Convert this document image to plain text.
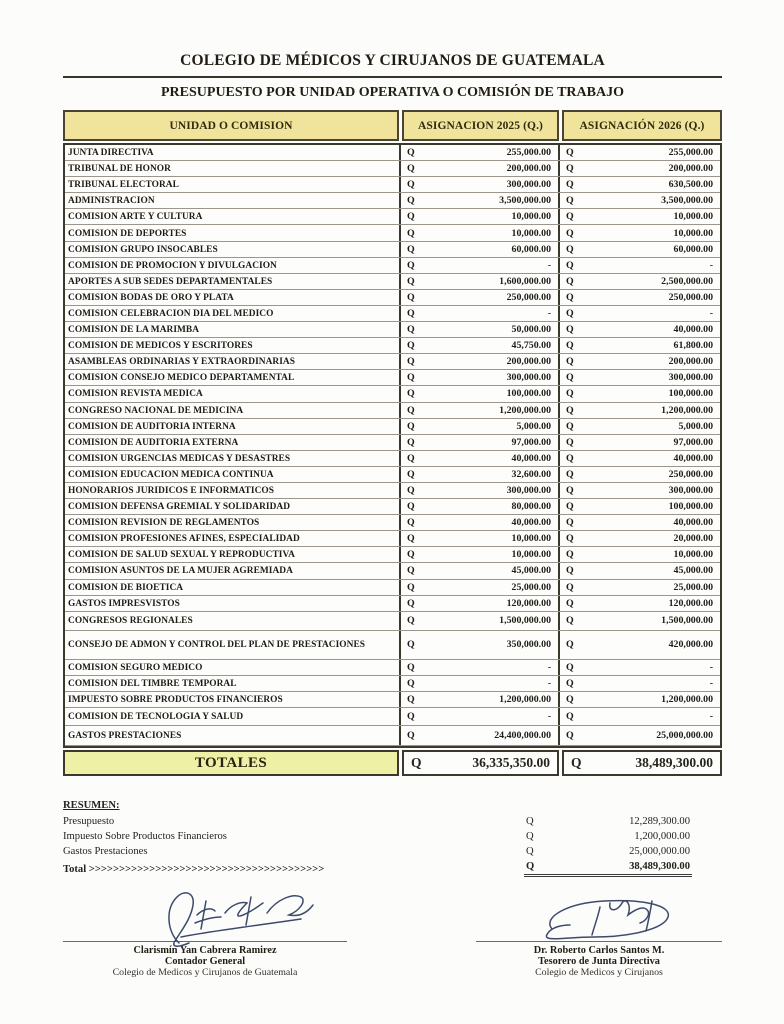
COLEGIO DE MÉDICOS Y CIRUJANOS DE GUATEMALA
PRESUPUESTO POR UNIDAD OPERATIVA O COMISIÓN DE TRABAJO
UNIDAD O COMISION	ASIGNACION 2025 (Q.)	ASIGNACIÓN 2026 (Q.)
JUNTA DIRECTIVA	Q	255,000.00 Q	255,000.00
TRIBUNAL DE HONOR	Q	200,000.00 Q	200,000.00
TRIBUNAL ELECTORAL	Q	300,000.00 Q	630,500.00
ADMINISTRACION	Q	3,500,000.00 Q	3,500,000.00
COMISION ARTE Y CULTURA	Q	10,000.00 Q	10,000.00
COMISION DE DEPORTES	Q	10,000.00 Q	10,000.00
COMISION GRUPO INSOCABLES	Q	60,000.00 Q	60,000.00
COMISION DE PROMOCION Y DIVULGACION	Q	- Q	-
APORTES A SUB SEDES DEPARTAMENTALES	Q	1,600,000.00 Q	2,500,000.00
COMISION BODAS DE ORO Y PLATA	Q	250,000.00 Q	250,000.00
COMISION CELEBRACION DIA DEL MEDICO	Q	- Q	-
COMISION DE LA MARIMBA	Q	50,000.00 Q	40,000.00
COMISION DE MEDICOS Y ESCRITORES	Q	45,750.00 Q	61,800.00
ASAMBLEAS ORDINARIAS Y EXTRAORDINARIAS	Q	200,000.00 Q	200,000.00
COMISION CONSEJO MEDICO DEPARTAMENTAL	Q	300,000.00 Q	300,000.00
COMISION REVISTA MEDICA	Q	100,000.00 Q	100,000.00
CONGRESO NACIONAL DE MEDICINA	Q	1,200,000.00 Q	1,200,000.00
COMISION DE AUDITORIA INTERNA	Q	5,000.00 Q	5,000.00
COMISION DE AUDITORIA EXTERNA	Q	97,000.00 Q	97,000.00
COMISION URGENCIAS MEDICAS Y DESASTRES	Q	40,000.00 Q	40,000.00
COMISION EDUCACION MEDICA CONTINUA	Q	32,600.00 Q	250,000.00
HONORARIOS JURIDICOS E INFORMATICOS	Q	300,000.00 Q	300,000.00
COMISION DEFENSA GREMIAL Y SOLIDARIDAD	Q	80,000.00 Q	100,000.00
COMISION REVISION DE REGLAMENTOS	Q	40,000.00 Q	40,000.00
COMISION PROFESIONES AFINES, ESPECIALIDAD	Q	10,000.00 Q	20,000.00
COMISION DE SALUD SEXUAL Y REPRODUCTIVA	Q	10,000.00 Q	10,000.00
COMISION ASUNTOS DE LA MUJER AGREMIADA	Q	45,000.00 Q	45,000.00
COMISION DE BIOETICA	Q	25,000.00 Q	25,000.00
GASTOS IMPRESVISTOS	Q	120,000.00 Q	120,000.00
CONGRESOS REGIONALES	Q	1,500,000.00 Q	1,500,000.00
CONSEJO DE ADMON Y CONTROL DEL PLAN DE PRESTACIONES	Q	350,000.00 Q	420,000.00
COMISION SEGURO MEDICO	Q	- Q	-
COMISION DEL TIMBRE TEMPORAL	Q	- Q	-
IMPUESTO SOBRE PRODUCTOS FINANCIEROS	Q	1,200,000.00 Q	1,200,000.00
COMISION DE TECNOLOGIA Y SALUD	Q	- Q	-
GASTOS PRESTACIONES	Q	24,400,000.00 Q	25,000,000.00
TOTALES	Q	36,335,350.00 Q	38,489,300.00
RESUMEN:
Presupuesto	Q	12,289,300.00
Impuesto Sobre Productos Financieros	Q	1,200,000.00
Gastos Prestaciones	Q	25,000,000.00
Total >>>>>>>>>>>>>>>>>>>>>>>>>>>>>>>>>>>>>>>	Q	38,489,300.00
Clarismín Yan Cabrera Ramirez
Contador General
Colegio de Medicos y Cirujanos de Guatemala
Dr. Roberto Carlos Santos M.
Tesorero de Junta Directiva
Colegio de Medicos y Cirujanos
